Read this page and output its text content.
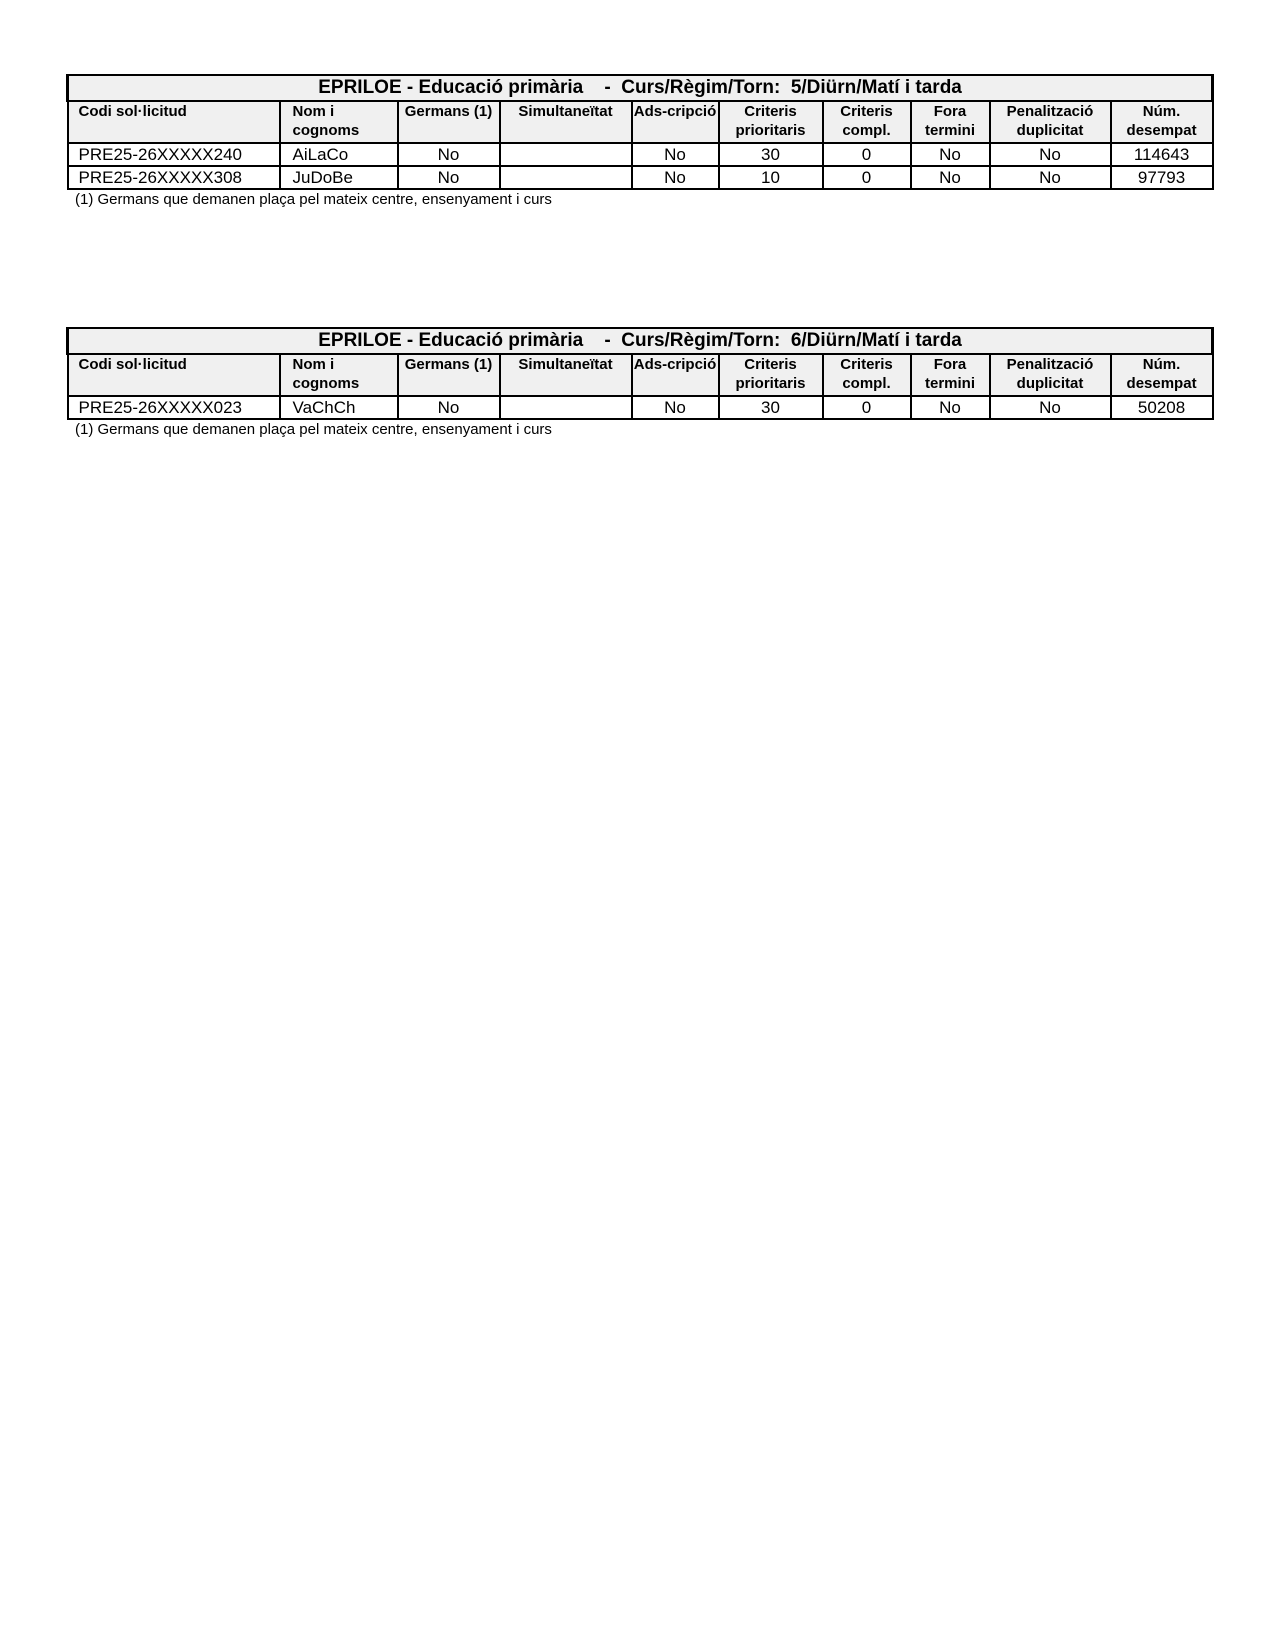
EPRILOE - Educació primària    -  Curs/Règim/Torn:  5/Diürn/Matí i tarda									
Codi sol·licitud	Nom i cognoms	Germans (1)	Simultaneïtat	Ads-cripció	Criteris prioritaris	Criteris compl.	Fora termini	Penalització duplicitat	Núm. desempat
PRE25-26XXXXX240	AiLaCo	No		No	30	0	No	No	114643
PRE25-26XXXXX308	JuDoBe	No		No	10	0	No	No	97793
(1) Germans que demanen plaça pel mateix centre, ensenyament i curs
EPRILOE - Educació primària    -  Curs/Règim/Torn:  6/Diürn/Matí i tarda									
Codi sol·licitud	Nom i cognoms	Germans (1)	Simultaneïtat	Ads-cripció	Criteris prioritaris	Criteris compl.	Fora termini	Penalització duplicitat	Núm. desempat
PRE25-26XXXXX023	VaChCh	No		No	30	0	No	No	50208
(1) Germans que demanen plaça pel mateix centre, ensenyament i curs
